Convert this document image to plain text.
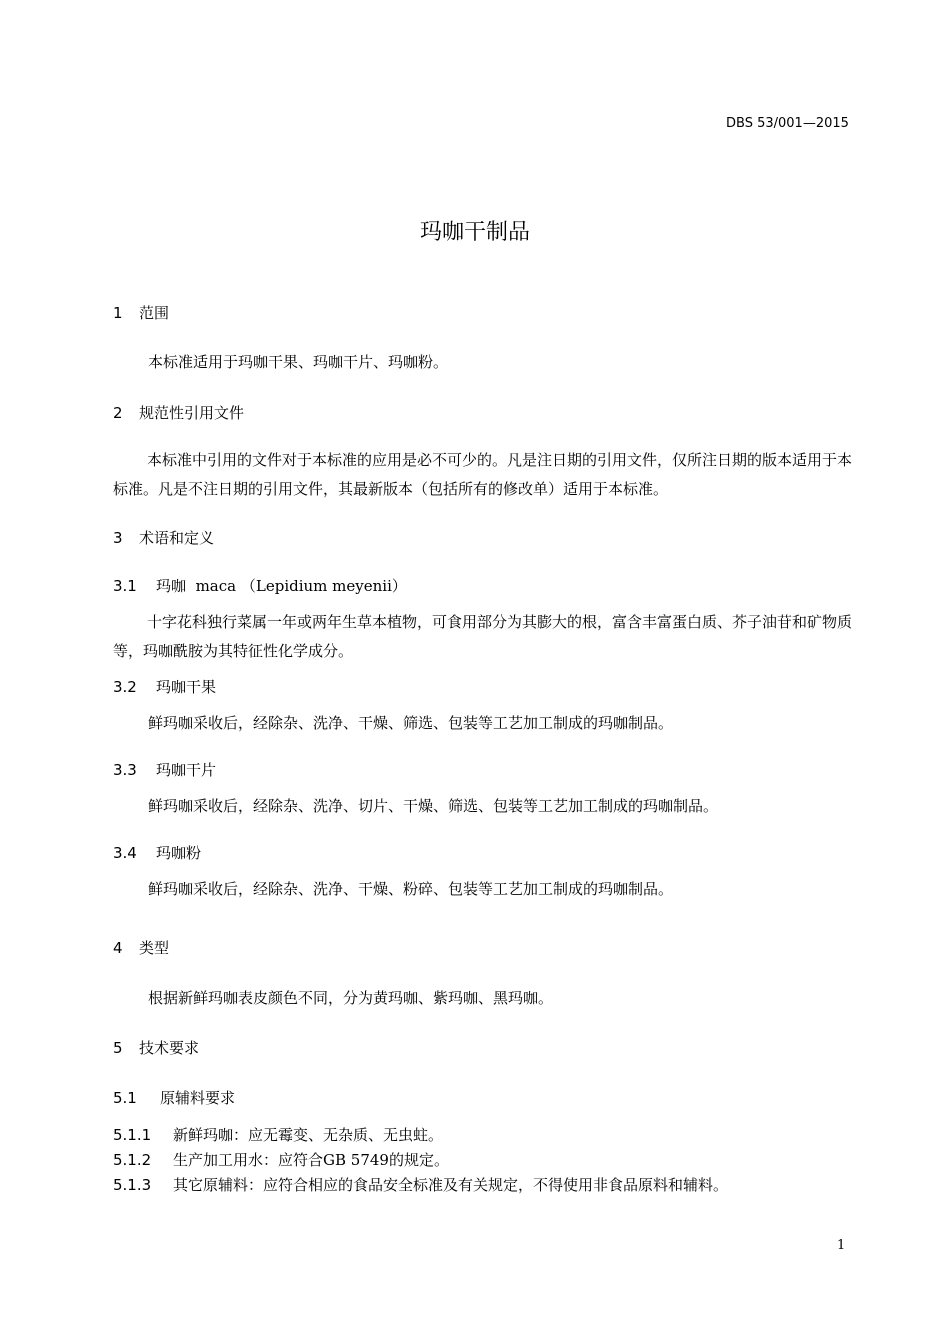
DBS 53/001—2015
玛咖干制品
1 范围
本标准适用于玛咖干果、玛咖干片、玛咖粉。
2 规范性引用文件
本标准中引用的文件对于本标准的应用是必不可少的。凡是注日期的引用文件，仅所注日期的版本适用于本标准。凡是不注日期的引用文件，其最新版本（包括所有的修改单）适用于本标准。
3 术语和定义
3.1 玛咖 maca （Lepidium meyenii）
十字花科独行菜属一年或两年生草本植物，可食用部分为其膨大的根，富含丰富蛋白质、芥子油苷和矿物质等，玛咖酰胺为其特征性化学成分。
3.2 玛咖干果
鲜玛咖采收后，经除杂、洗净、干燥、筛选、包装等工艺加工制成的玛咖制品。
3.3 玛咖干片
鲜玛咖采收后，经除杂、洗净、切片、干燥、筛选、包装等工艺加工制成的玛咖制品。
3.4 玛咖粉
鲜玛咖采收后，经除杂、洗净、干燥、粉碎、包装等工艺加工制成的玛咖制品。
4 类型
根据新鲜玛咖表皮颜色不同，分为黄玛咖、紫玛咖、黑玛咖。
5 技术要求
5.1 原辅料要求
5.1.1 新鲜玛咖：应无霉变、无杂质、无虫蛀。
5.1.2 生产加工用水：应符合GB 5749的规定。
5.1.3 其它原辅料：应符合相应的食品安全标准及有关规定，不得使用非食品原料和辅料。
1
